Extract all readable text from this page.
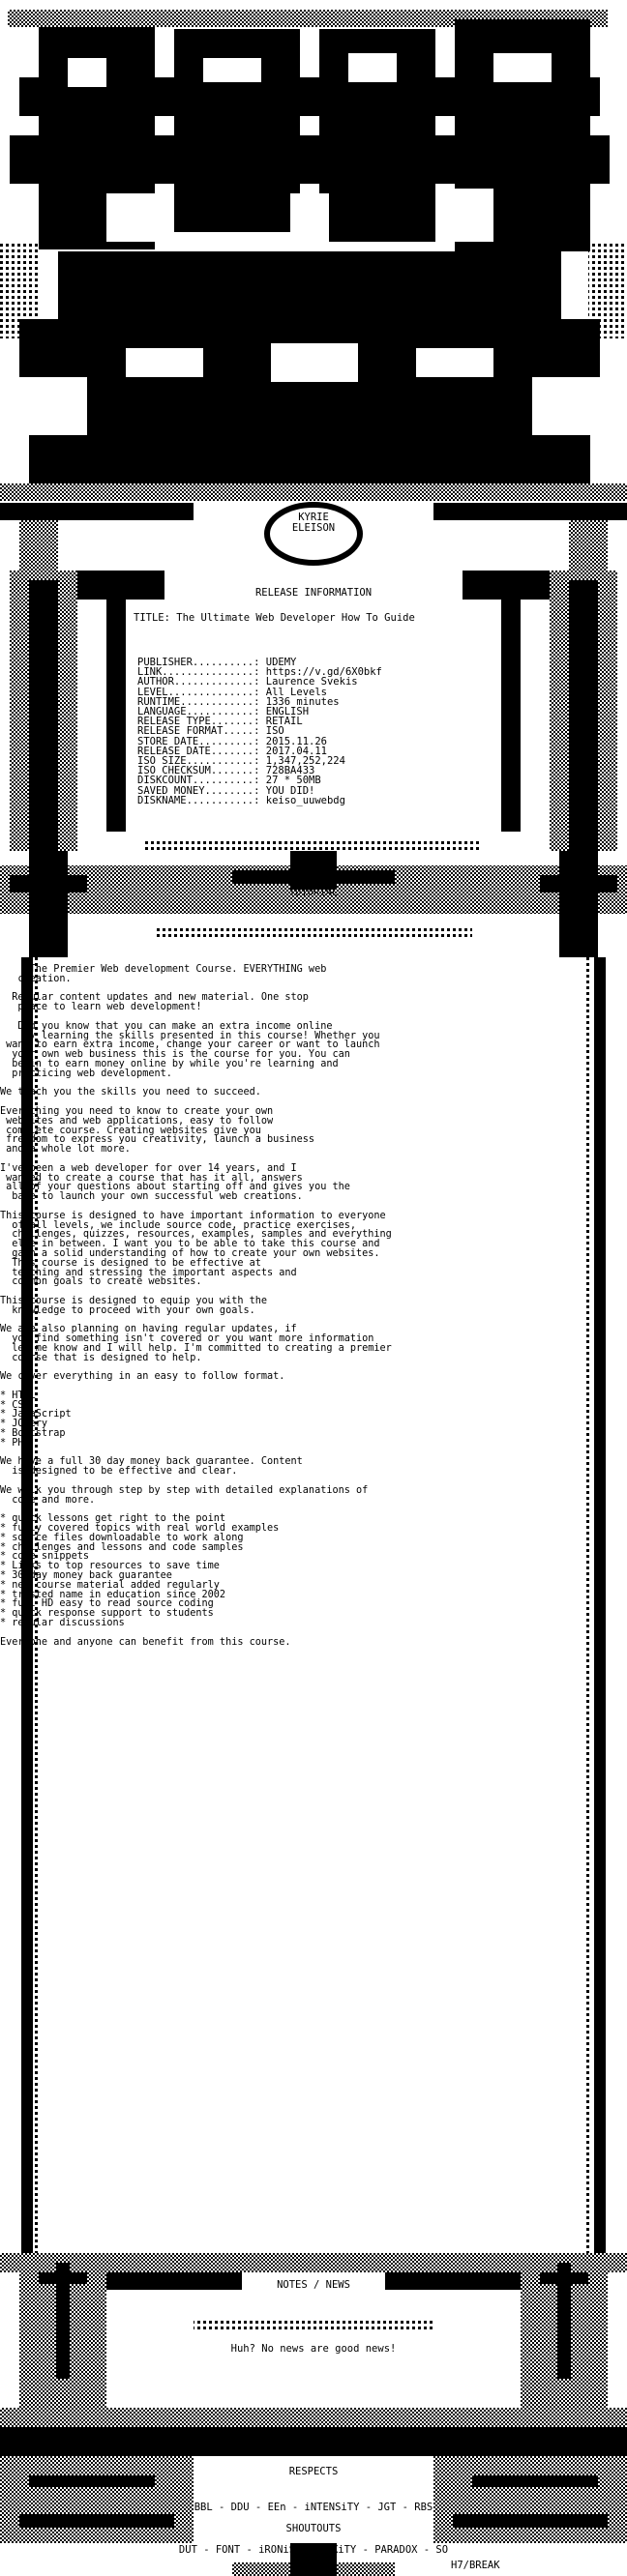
KYRIE
ELEISON
RELEASE INFORMATION
TITLE: The Ultimate Web Developer How To Guide
PUBLISHER..........: UDEMY
LINK...............: https://v.gd/6X0bkf
AUTHOR.............: Laurence Svekis
LEVEL..............: All Levels
RUNTIME............: 1336 minutes
LANGUAGE...........: ENGLISH
RELEASE TYPE.......: RETAIL
RELEASE FORMAT.....: ISO
STORE DATE.........: 2015.11.26
RELEASE DATE.......: 2017.04.11
ISO SIZE...........: 1,347,252,224
ISO CHECKSUM.......: 728BA433
DISKCOUNT..........: 27 * 50MB
SAVED MONEY........: YOU DID!
DISKNAME...........: keiso_uuwebdg
TUTORIAL
The Premier Web development Course. EVERYTHING web
creation.

Regular content updates and new material. One stop
place to learn web development!

Did you know that you can make an extra income online
by learning the skills presented in this course! Whether you
want to earn extra income, change your career or want to launch
your own web business this is the course for you. You can
begin to earn money online by while you're learning and
practicing web development.

We teach you the skills you need to succeed.

Everything you need to know to create your own
websites and web applications, easy to follow
complete course. Creating websites give you
freedom to express you creativity, launch a business
and a whole lot more.

I've been a web developer for over 14 years, and I
wanted to create a course that has it all, answers
all of your questions about starting off and gives you the
base to launch your own successful web creations.

This course is designed to have important information to everyone
of all levels, we include source code, practice exercises,
challenges, quizzes, resources, examples, samples and everything
else in between. I want you to be able to take this course and
gain a solid understanding of how to create your own websites.
This course is designed to be effective at
teaching and stressing the important aspects and
common goals to create websites.

This course is designed to equip you with the
knowledge to proceed with your own goals.

We are also planning on having regular updates, if
you find something isn't covered or you want more information
let me know and I will help. I'm committed to creating a premier
course that is designed to help.

We cover everything in an easy to follow format.

* HTML
* CSS
* JavaScript
* JQuery
* Bootstrap
* PHP

We have a full 30 day money back guarantee. Content
is designed to be effective and clear.

We walk you through step by step with detailed explanations of
code and more.

* quick lessons get right to the point
* fully covered topics with real world examples
* source files downloadable to work along
* challenges and lessons and code samples
* code snippets
* Links to top resources to save time
* 30 day money back guarantee
* new course material added regularly
* trusted name in education since 2002
* full HD easy to read source coding
* quick response support to students
* regular discussions

Everyone and anyone can benefit from this course.
NOTES / NEWS
Huh? No news are good news!
RESPECTS
BBL - DDU - EEn - iNTENSiTY - JGT - RBS
SHOUTOUTS
DUT - FONT - iRONiSO - LAXiTY - PARADOX - SO
H7/BREAK
